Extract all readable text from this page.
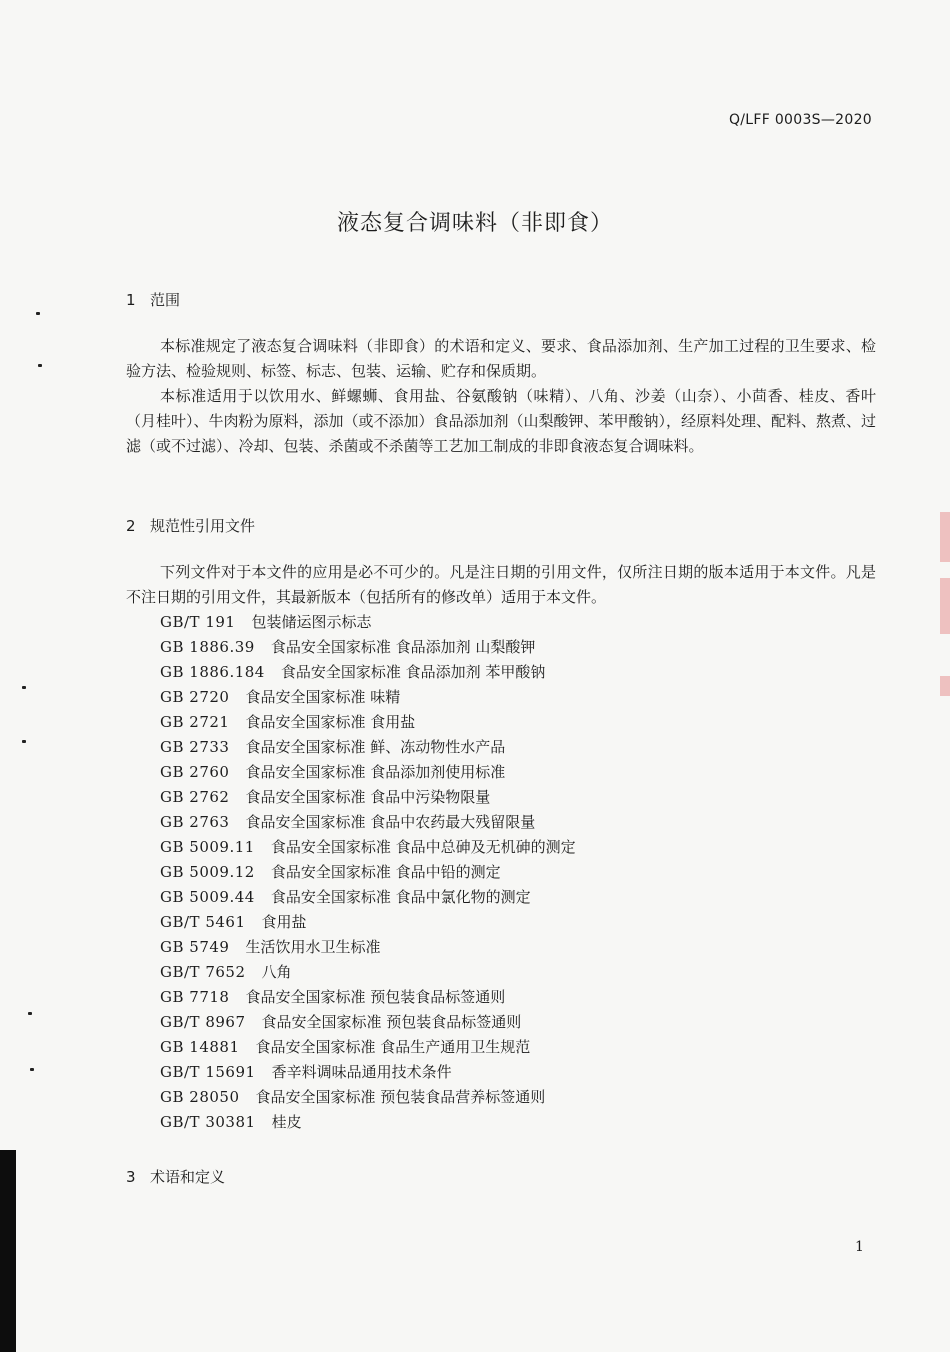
Q/LFF 0003S—2020
液态复合调味料（非即食）
1 范围

本标准规定了液态复合调味料（非即食）的术语和定义、要求、食品添加剂、生产加工过程的卫生要求、检验方法、检验规则、标签、标志、包装、运输、贮存和保质期。

本标准适用于以饮用水、鲜螺蛳、食用盐、谷氨酸钠（味精）、八角、沙姜（山奈）、小茴香、桂皮、香叶（月桂叶）、牛肉粉为原料，添加（或不添加）食品添加剂（山梨酸钾、苯甲酸钠），经原料处理、配料、熬煮、过滤（或不过滤）、冷却、包装、杀菌或不杀菌等工艺加工制成的非即食液态复合调味料。

2 规范性引用文件

下列文件对于本文件的应用是必不可少的。凡是注日期的引用文件，仅所注日期的版本适用于本文件。凡是不注日期的引用文件，其最新版本（包括所有的修改单）适用于本文件。

GB/T 191 包装储运图示标志
GB 1886.39 食品安全国家标准 食品添加剂 山梨酸钾
GB 1886.184 食品安全国家标准 食品添加剂 苯甲酸钠
GB 2720 食品安全国家标准 味精
GB 2721 食品安全国家标准 食用盐
GB 2733 食品安全国家标准 鲜、冻动物性水产品
GB 2760 食品安全国家标准 食品添加剂使用标准
GB 2762 食品安全国家标准 食品中污染物限量
GB 2763 食品安全国家标准 食品中农药最大残留限量
GB 5009.11 食品安全国家标准 食品中总砷及无机砷的测定
GB 5009.12 食品安全国家标准 食品中铅的测定
GB 5009.44 食品安全国家标准 食品中氯化物的测定
GB/T 5461 食用盐
GB 5749 生活饮用水卫生标准
GB/T 7652 八角
GB 7718 食品安全国家标准 预包装食品标签通则
GB/T 8967 食品安全国家标准 预包装食品标签通则
GB 14881 食品安全国家标准 食品生产通用卫生规范
GB/T 15691 香辛料调味品通用技术条件
GB 28050 食品安全国家标准 预包装食品营养标签通则
GB/T 30381 桂皮
3 术语和定义
1
